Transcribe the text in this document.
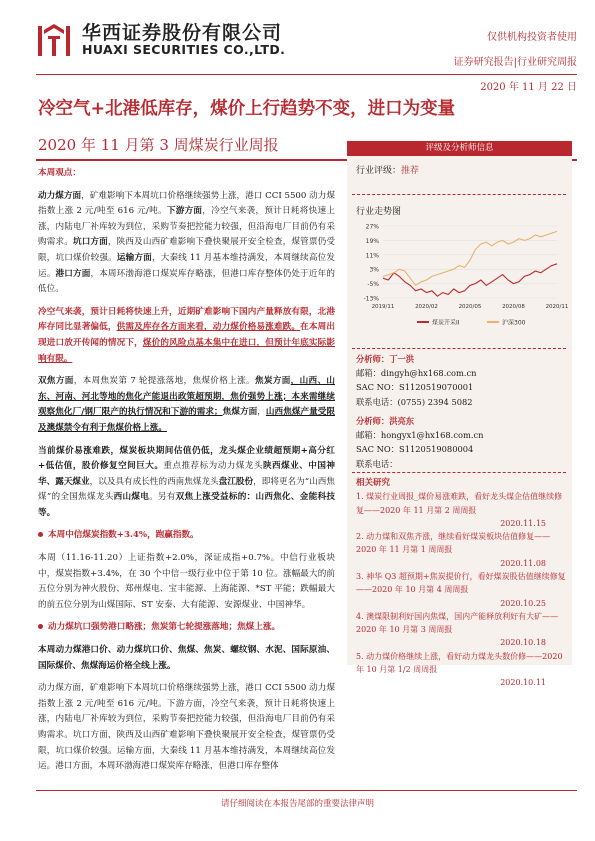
华西证券股份有限公司
HUAXI SECURITIES CO.,LTD.
仅供机构投资者使用
证券研究报告|行业研究周报
2020 年 11 月 22 日
冷空气+北港低库存，煤价上行趋势不变，进口为变量
2020 年 11 月第 3 周煤炭行业周报

本周观点：

动力煤方面，矿难影响下本周坑口价格继续强势上涨，港口 CCI 5500 动力煤指数上涨 2 元/吨至 616 元/吨。下游方面，冷空气来袭，预计日耗将快速上涨，内陆电厂补库较为到位，采购节奏把控能力较强，但沿海电厂目前仍有采购需求。坑口方面，陕西及山西矿难影响下叠快聚展开安全检查，煤管票仍受限，坑口煤价较强。运输方面，大秦线 11 月基本维持满发，本周继续高位发运。港口方面，本周环渤海港口煤炭库存略涨，但港口库存整体仍处于近年的低位。

冷空气来袭，预计日耗将快速上升，近期矿难影响下国内产量释放有限，北港库存同比显著偏低，供需及库存各方面来看，动力煤价格易涨难跌。在本周出现进口放开传闻的情况下，煤价的风险点基本集中在进口，但预计年底实际影响有限。

双焦方面，本周焦炭第 7 轮提涨落地，焦煤价格上涨。焦炭方面，山西、山东、河南、河北等地的焦化产能退出政策超预期，焦价强势上涨；本来需继续观察焦化厂/钢厂限产的执行情况和下游的需求；焦煤方面，山西焦煤产量受限及澳煤禁令有利于焦煤价格上涨。

当前煤价易涨难跌，煤炭板块期间估值仍低，龙头煤企业绩超预期+高分红+低估值，股价修复空间巨大。重点推荐标为动力煤龙头陕西煤业、中国神华、露天煤业，以及具有成长性的西南焦煤龙头盘江股份，即将更名为“山西焦煤”的全国焦煤龙头西山煤电。另有双焦上涨受益标的：山西焦化、金能科技等。

本周中信煤炭指数+3.4%，跑赢指数。

本周（11.16-11.20）上证指数+2.0%，深证成指+0.7%。中信行业板块中，煤炭指数+3.4%，在 30 个中信一级行业中位于第 10 位。涨幅最大的前五位分别为神火股份、郑州煤电、宝丰能源、上海能源、*ST 平能；跌幅最大的前五位分别为山煤国际、ST 安泰、大有能源、安源煤业、中国神华。

动力煤坑口强势港口略涨；焦炭第七轮提涨落地；焦煤上涨。

本周动力煤港口价、动力煤坑口价、焦煤、焦炭、螺纹钢、水泥、国际原油、国际煤价、焦煤海运价格全线上涨。

动力煤方面，矿难影响下本周坑口价格继续强势上涨，港口 CCI 5500 动力煤指数上涨 2 元/吨至 616 元/吨。下游方面，冷空气来袭，预计日耗将快速上涨，内陆电厂补库较为到位，采购节奏把控能力较强，但沿海电厂目前仍有采购需求。坑口方面，陕西及山西矿难影响下叠快聚展开安全检查，煤管票仍受限，坑口煤价较强。运输方面，大秦线 11 月基本维持满发，本周继续高位发运。港口方面，本周环渤海港口煤炭库存略涨，但港口库存整体

评级及分析师信息
行业评级：推荐
行业走势图
27%
19%
11%
3%
-5%
-13%
2019/11	2020/02	2020/05	2020/08	2020/11
煤炭开采II	沪深300
分析师：丁一洪
邮箱：dingyh@hx168.com.cn
SAC NO：S1120519070001
联系电话：(0755) 2394 5082
分析师：洪亮东
邮箱：hongyx1@hx168.com.cn
SAC NO：S1120519080004
联系电话：
相关研究
1. 煤炭行业周报_煤价易涨难跌，看好龙头煤企估值继续修复——2020 年 11 月第 2 周周报
2020.11.15
2. 动力煤和双焦齐涨，继续看好煤炭板块估值修复——2020 年 11 月第 1 周周报
2020.11.08
3. 神华 Q3 超预期+焦炭提价行，看好煤炭股估值继续修复——2020 年 10 月第 4 周周报
2020.10.25
4. 澳煤限制利好国内焦煤，国内产能释放利好有大矿——2020 年 10 月第 3 周周报
2020.10.18
5. 动力煤价格继续上涨，看好动力煤龙头数价修——2020 年 10 月第 1/2 周周报
2020.10.11
请仔细阅读在本报告尾部的重要法律声明
